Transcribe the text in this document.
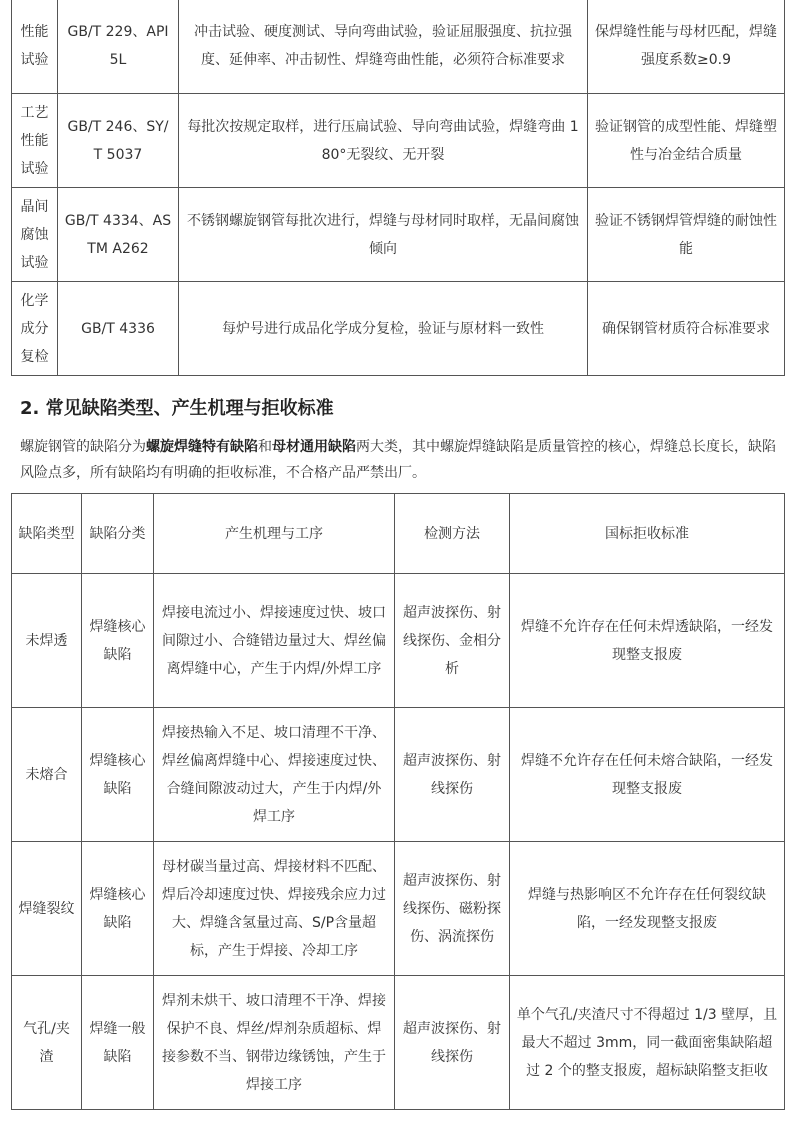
性能试验	GB/T 229、API 5L	冲击试验、硬度测试、导向弯曲试验，验证屈服强度、抗拉强度、延伸率、冲击韧性、焊缝弯曲性能，必须符合标准要求	保焊缝性能与母材匹配，焊缝强度系数≥0.9
工艺性能试验	GB/T 246、SY/T 5037	每批次按规定取样，进行压扁试验、导向弯曲试验，焊缝弯曲 180°无裂纹、无开裂	验证钢管的成型性能、焊缝塑性与冶金结合质量
晶间腐蚀试验	GB/T 4334、ASTM A262	不锈钢螺旋钢管每批次进行，焊缝与母材同时取样，无晶间腐蚀倾向	验证不锈钢焊管焊缝的耐蚀性能
化学成分复检	GB/T 4336	每炉号进行成品化学成分复检，验证与原材料一致性	确保钢管材质符合标准要求
2. 常见缺陷类型、产生机理与拒收标准

螺旋钢管的缺陷分为螺旋焊缝特有缺陷和母材通用缺陷两大类，其中螺旋焊缝缺陷是质量管控的核心，焊缝总长度长，缺陷风险点多，所有缺陷均有明确的拒收标准，不合格产品严禁出厂。

缺陷类型	缺陷分类	产生机理与工序	检测方法	国标拒收标准
未焊透	焊缝核心缺陷	焊接电流过小、焊接速度过快、坡口间隙过小、合缝错边量过大、焊丝偏离焊缝中心，产生于内焊/外焊工序	超声波探伤、射线探伤、金相分析	焊缝不允许存在任何未焊透缺陷，一经发现整支报废
未熔合	焊缝核心缺陷	焊接热输入不足、坡口清理不干净、焊丝偏离焊缝中心、焊接速度过快、合缝间隙波动过大，产生于内焊/外焊工序	超声波探伤、射线探伤	焊缝不允许存在任何未熔合缺陷，一经发现整支报废
焊缝裂纹	焊缝核心缺陷	母材碳当量过高、焊接材料不匹配、焊后冷却速度过快、焊接残余应力过大、焊缝含氢量过高、S/P含量超标，产生于焊接、冷却工序	超声波探伤、射线探伤、磁粉探伤、涡流探伤	焊缝与热影响区不允许存在任何裂纹缺陷，一经发现整支报废
气孔/夹渣	焊缝一般缺陷	焊剂未烘干、坡口清理不干净、焊接保护不良、焊丝/焊剂杂质超标、焊接参数不当、钢带边缘锈蚀，产生于焊接工序	超声波探伤、射线探伤	单个气孔/夹渣尺寸不得超过 1/3 壁厚，且最大不超过 3mm，同一截面密集缺陷超过 2 个的整支报废，超标缺陷整支拒收
